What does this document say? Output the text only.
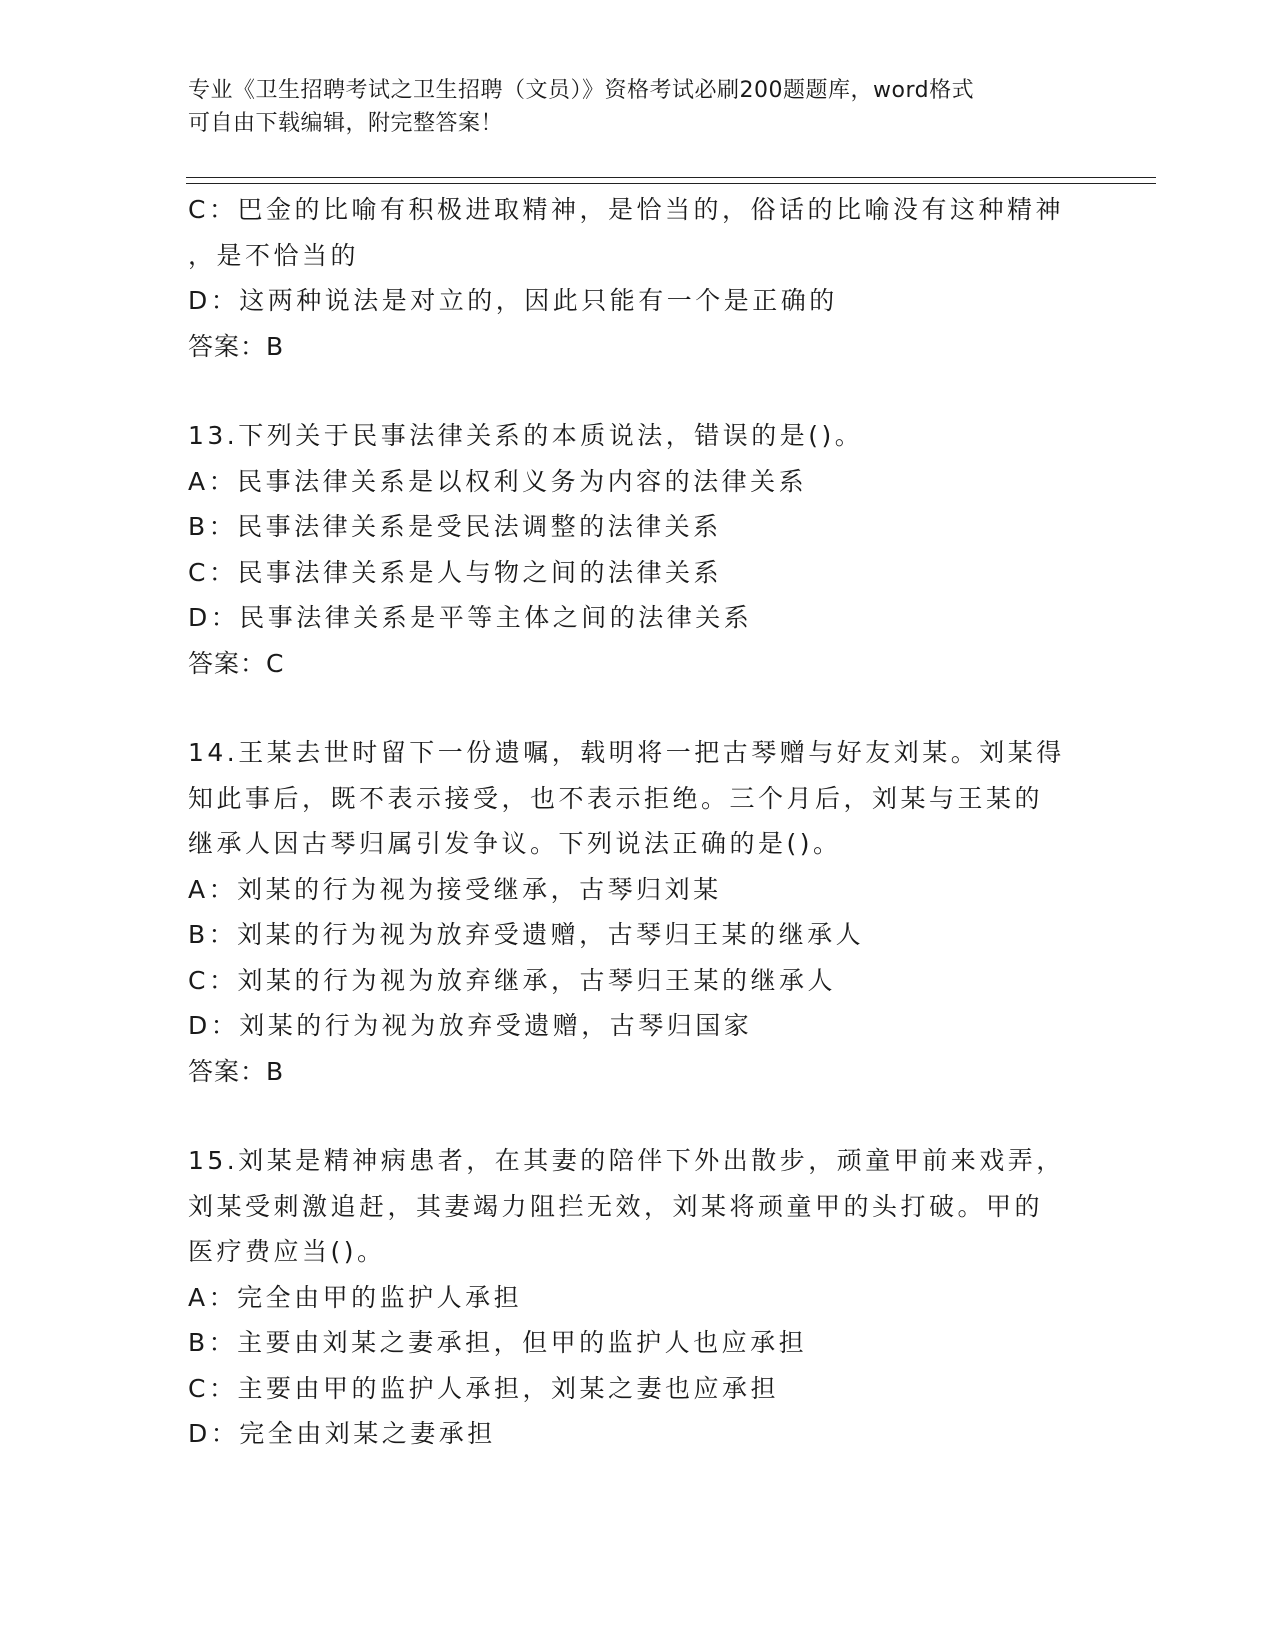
专业《卫生招聘考试之卫生招聘（文员）》资格考试必刷200题题库，word格式
可自由下载编辑，附完整答案！
C：巴金的比喻有积极进取精神，是恰当的，俗话的比喻没有这种精神
，是不恰当的
D：这两种说法是对立的，因此只能有一个是正确的
答案：B
13.下列关于民事法律关系的本质说法，错误的是()。
A：民事法律关系是以权利义务为内容的法律关系
B：民事法律关系是受民法调整的法律关系
C：民事法律关系是人与物之间的法律关系
D：民事法律关系是平等主体之间的法律关系
答案：C
14.王某去世时留下一份遗嘱，载明将一把古琴赠与好友刘某。刘某得
知此事后，既不表示接受，也不表示拒绝。三个月后，刘某与王某的
继承人因古琴归属引发争议。下列说法正确的是()。
A：刘某的行为视为接受继承，古琴归刘某
B：刘某的行为视为放弃受遗赠，古琴归王某的继承人
C：刘某的行为视为放弃继承，古琴归王某的继承人
D：刘某的行为视为放弃受遗赠，古琴归国家
答案：B
15.刘某是精神病患者，在其妻的陪伴下外出散步，顽童甲前来戏弄，
刘某受刺激追赶，其妻竭力阻拦无效，刘某将顽童甲的头打破。甲的
医疗费应当()。
A：完全由甲的监护人承担
B：主要由刘某之妻承担，但甲的监护人也应承担
C：主要由甲的监护人承担，刘某之妻也应承担
D：完全由刘某之妻承担
